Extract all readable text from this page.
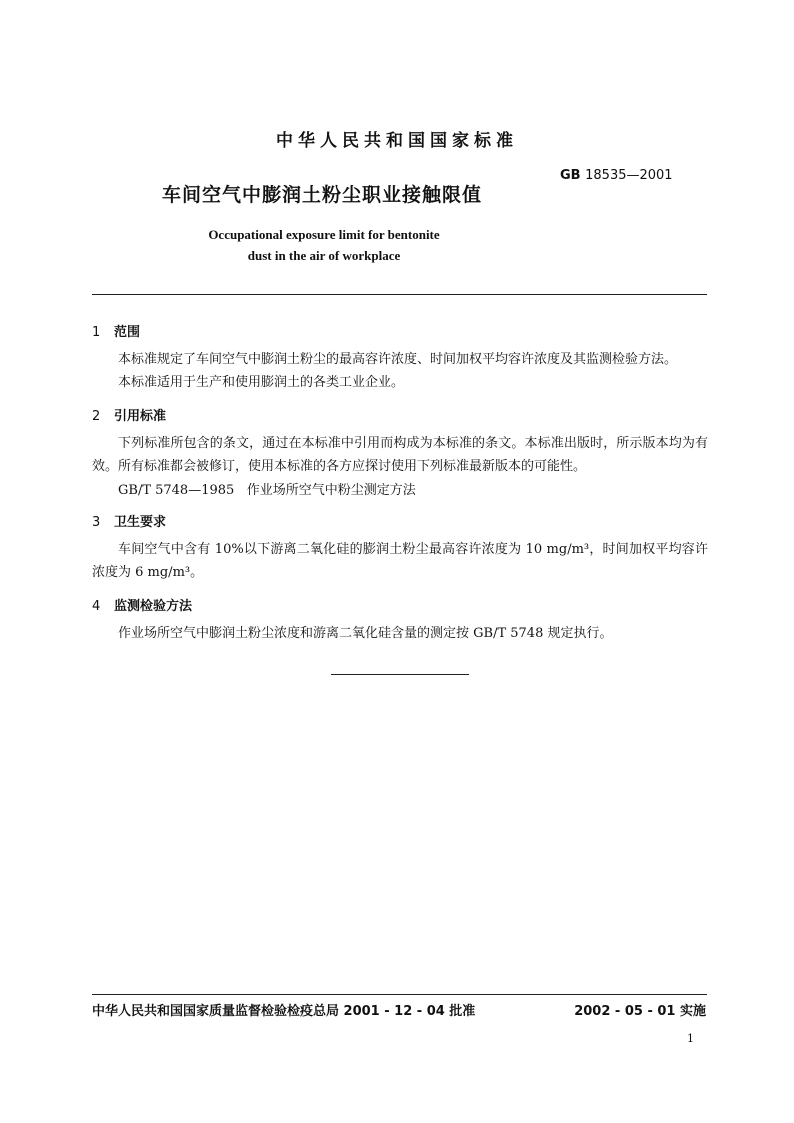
中华人民共和国国家标准
GB 18535—2001
车间空气中膨润土粉尘职业接触限值
Occupational exposure limit for bentonite
dust in the air of workplace
1 范围
本标准规定了车间空气中膨润土粉尘的最高容许浓度、时间加权平均容许浓度及其监测检验方法。
本标准适用于生产和使用膨润土的各类工业企业。
2 引用标准
下列标准所包含的条文，通过在本标准中引用而构成为本标准的条文。本标准出版时，所示版本均为有效。所有标准都会被修订，使用本标准的各方应探讨使用下列标准最新版本的可能性。
GB/T 5748—1985 作业场所空气中粉尘测定方法
3 卫生要求
车间空气中含有 10%以下游离二氧化硅的膨润土粉尘最高容许浓度为 10 mg/m³，时间加权平均容许浓度为 6 mg/m³。
4 监测检验方法
作业场所空气中膨润土粉尘浓度和游离二氧化硅含量的测定按 GB/T 5748 规定执行。
中华人民共和国国家质量监督检验检疫总局 2001 - 12 - 04 批准	2002 - 05 - 01 实施
1
